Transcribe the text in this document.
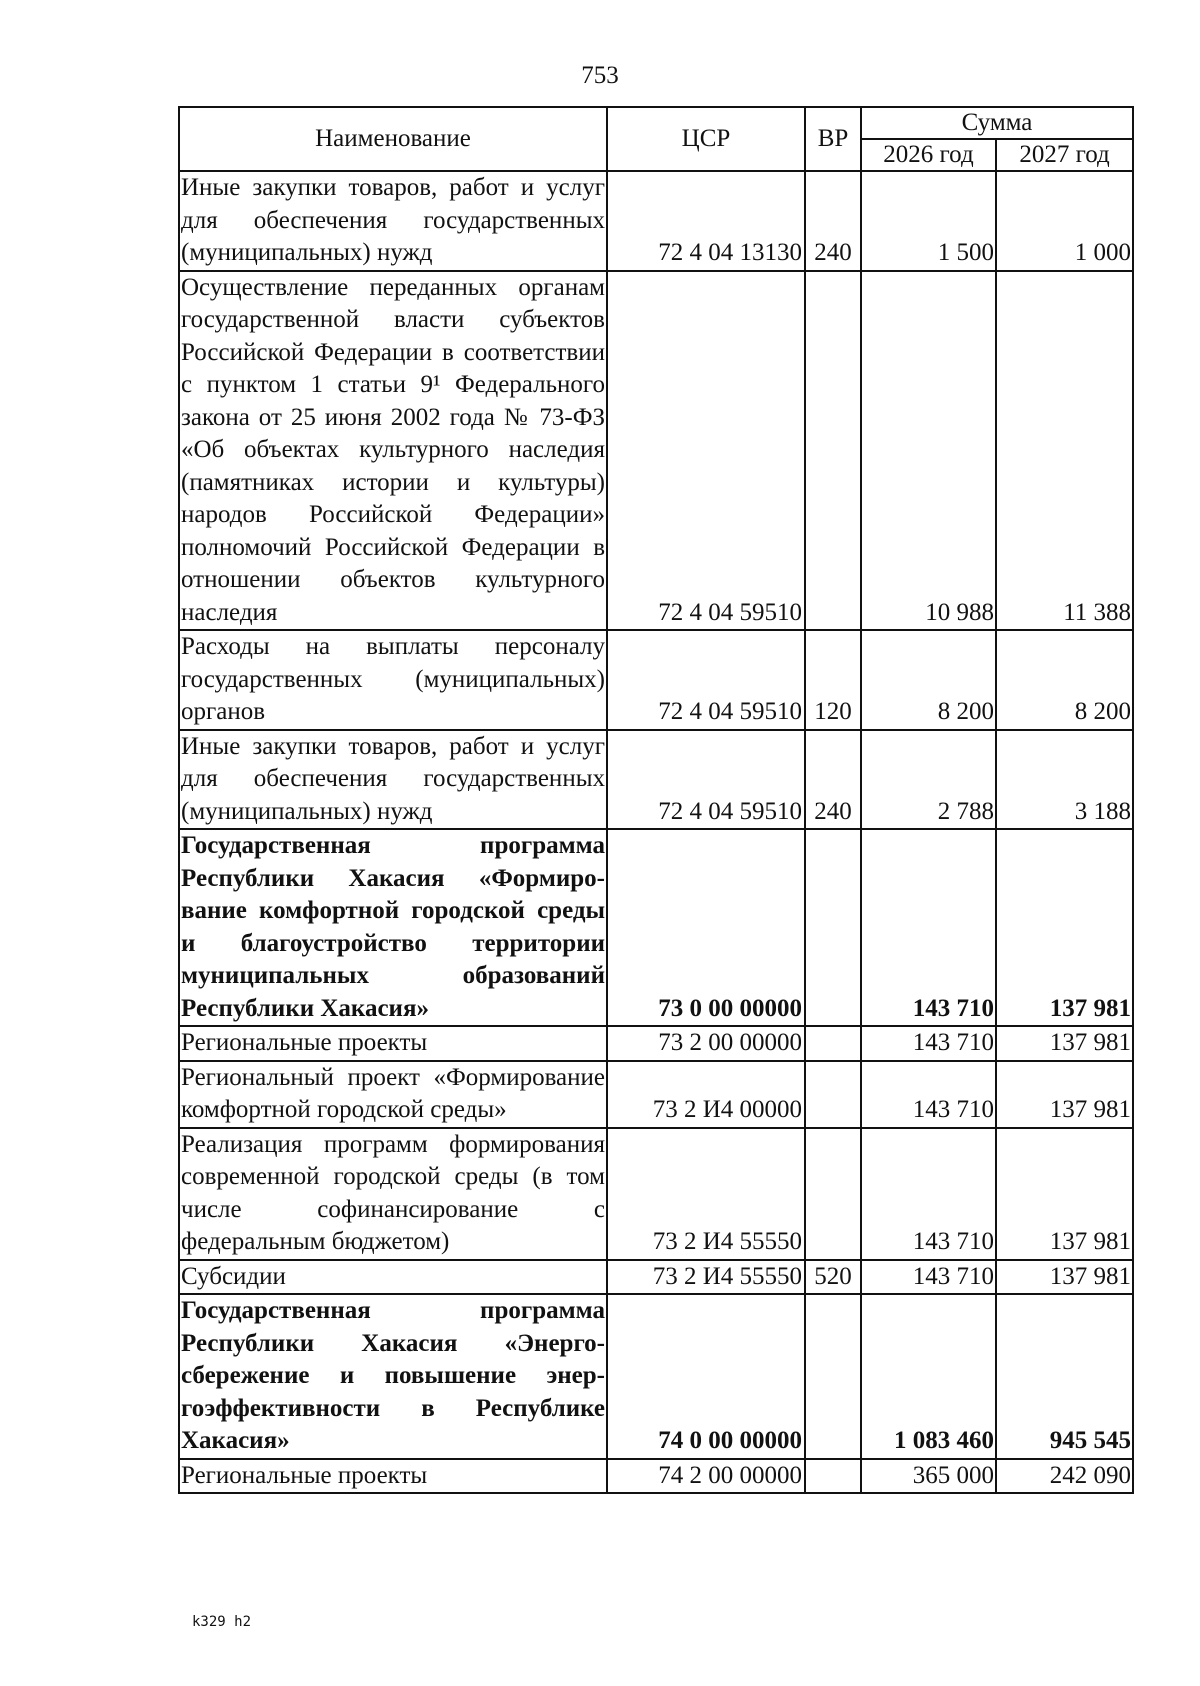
753
Наименование	ЦСР	ВР	Сумма	
			2026 год	2027 год
Иные закупки товаров, работ и услуг для обеспечения государственных (муниципальных) нужд	72 4 04 13130	240	1 500	1 000
Осуществление переданных органам государственной власти субъектов Российской Федерации в соответствии с пунктом 1 статьи 9¹ Федерального закона от 25 июня 2002 года № 73-ФЗ «Об объектах культурного наследия (памятниках истории и культуры) народов Российской Федерации» полномочий Российской Федерации в отношении объектов культурного наследия	72 4 04 59510		10 988	11 388
Расходы на выплаты персоналу государственных (муниципальных) органов	72 4 04 59510	120	8 200	8 200
Иные закупки товаров, работ и услуг для обеспечения государственных (муниципальных) нужд	72 4 04 59510	240	2 788	3 188
Государственная программа Республики Хакасия «Формирование комфортной городской среды и благоустройство территории муниципальных образований Республики Хакасия»	73 0 00 00000		143 710	137 981
Региональные проекты	73 2 00 00000		143 710	137 981
Региональный проект «Формирование комфортной городской среды»	73 2 И4 00000		143 710	137 981
Реализация программ формирования современной городской среды (в том числе софинансирование с федеральным бюджетом)	73 2 И4 55550		143 710	137 981
Субсидии	73 2 И4 55550	520	143 710	137 981
Государственная программа Республики Хакасия «Энергосбережение и повышение энергоэффективности в Республике Хакасия»	74 0 00 00000		1 083 460	945 545
Региональные проекты	74 2 00 00000		365 000	242 090
k329 h2
